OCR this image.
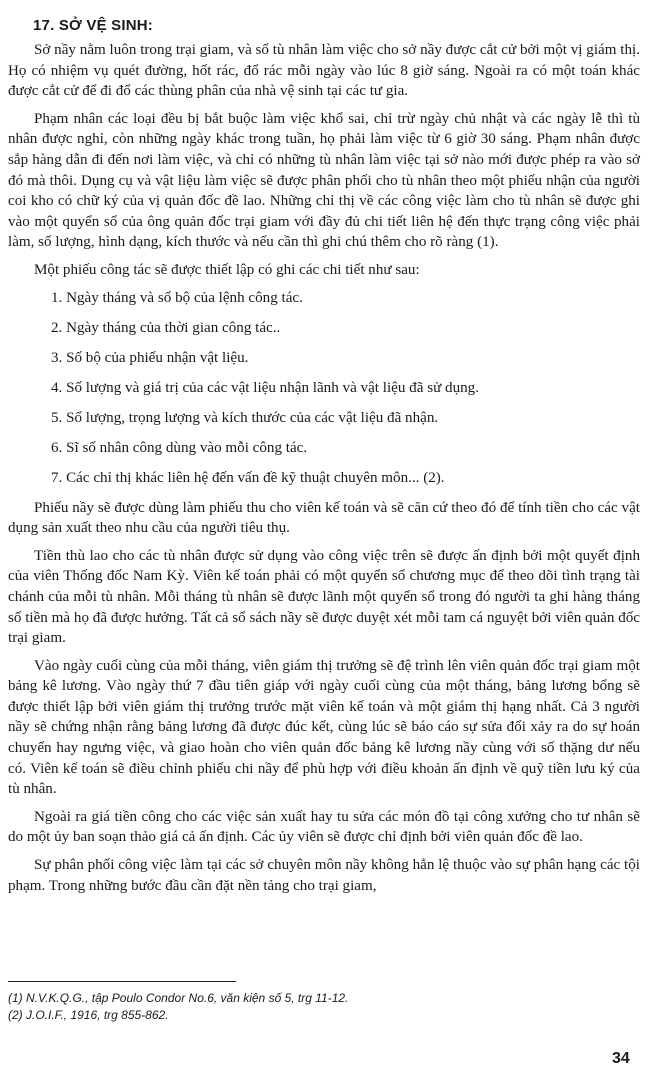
17. SỞ VỆ SINH:

Sở nầy nằm luôn trong trại giam, và số tù nhân làm việc cho sở nầy được cắt cử bởi một vị giám thị. Họ có nhiệm vụ quét đường, hốt rác, đổ rác mỗi ngày vào lúc 8 giờ sáng. Ngoài ra có một toán khác được cắt cử để đi đổ các thùng phân của nhà vệ sinh tại các tư gia.

Phạm nhân các loại đều bị bắt buộc làm việc khổ sai, chỉ trừ ngày chủ nhật và các ngày lễ thì tù nhân được nghỉ, còn những ngày khác trong tuần, họ phải làm việc từ 6 giờ 30 sáng. Phạm nhân được sắp hàng dẫn đi đến nơi làm việc, và chỉ có những tù nhân làm việc tại sở nào mới được phép ra vào sở đó mà thôi. Dụng cụ và vật liệu làm việc sẽ được phân phối cho tù nhân theo một phiếu nhận của người coi kho có chữ ký của vị quản đốc đề lao. Những chỉ thị về các công việc làm cho tù nhân sẽ được ghi vào một quyển sổ của ông quản đốc trại giam với đầy đủ chi tiết liên hệ đến thực trạng công việc phải làm, số lượng, hình dạng, kích thước và nếu cần thì ghi chú thêm cho rõ ràng (1).

Một phiếu công tác sẽ được thiết lập có ghi các chi tiết như sau:

1. Ngày tháng và số bộ của lệnh công tác.
2. Ngày tháng của thời gian công tác..
3. Số bộ của phiếu nhận vật liệu.
4. Số lượng và giá trị của các vật liệu nhận lãnh và vật liệu đã sử dụng.
5. Số lượng, trọng lượng và kích thước của các vật liệu đã nhận.
6. Sĩ số nhân công dùng vào mỗi công tác.
7. Các chỉ thị khác liên hệ đến vấn đề kỹ thuật chuyên môn... (2).

Phiếu nầy sẽ được dùng làm phiếu thu cho viên kế toán và sẽ căn cứ theo đó để tính tiền cho các vật dụng sản xuất theo nhu cầu của người tiêu thụ.

Tiền thù lao cho các tù nhân được sử dụng vào công việc trên sẽ được ấn định bởi một quyết định của viên Thống đốc Nam Kỳ. Viên kế toán phải có một quyển sổ chương mục để theo dõi tình trạng tài chánh của mỗi tù nhân. Mỗi tháng tù nhân sẽ được lãnh một quyển sổ trong đó người ta ghi hàng tháng số tiền mà họ đã được hưởng. Tất cả sổ sách nầy sẽ được duyệt xét mỗi tam cá nguyệt bởi viên quản đốc trại giam.

Vào ngày cuối cùng của mỗi tháng, viên giám thị trưởng sẽ đệ trình lên viên quản đốc trại giam một bảng kê lương. Vào ngày thứ 7 đầu tiên giáp với ngày cuối cùng của một tháng, bảng lương bổng sẽ được thiết lập bởi viên giám thị trưởng trước mặt viên kế toán và một giám thị hạng nhất. Cả 3 người nầy sẽ chứng nhận rằng bảng lương đã được đúc kết, cùng lúc sẽ báo cáo sự sửa đổi xảy ra do sự hoán chuyển hay ngưng việc, và giao hoàn cho viên quản đốc bảng kê lương nầy cùng với số thặng dư nếu có. Viên kế toán sẽ điều chỉnh phiếu chi nầy để phù hợp với điều khoản ấn định về quỹ tiền lưu ký của tù nhân.

Ngoài ra giá tiền công cho các việc sản xuất hay tu sửa các món đồ tại công xưởng cho tư nhân sẽ do một ủy ban soạn thảo giá cả ấn định. Các ủy viên sẽ được chỉ định bởi viên quản đốc đề lao.

Sự phân phối công việc làm tại các sở chuyên môn nầy không hẳn lệ thuộc vào sự phân hạng các tội phạm. Trong những bước đầu cần đặt nền tảng cho trại giam,

(1) N.V.K.Q.G., tập Poulo Condor No.6, văn kiện số 5, trg 11-12.

(2) J.O.I.F., 1916, trg 855-862.

34
